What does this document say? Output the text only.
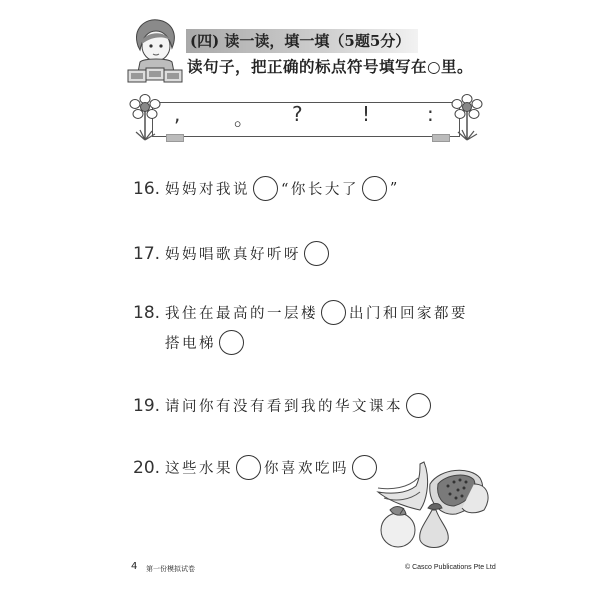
(四) 读一读，填一填（5题5分）
读句子，把正确的标点符号填写在○里。
,	。 ?	!	:
16. 妈妈对我说 “你长大了 ”
17. 妈妈唱歌真好听呀
18. 我住在最高的一层楼 出门和回家都要
搭电梯
19. 请问你有没有看到我的华文课本
20. 这些水果 你喜欢吃吗
4 第一份模拟试卷	© Casco Publications Pte Ltd
